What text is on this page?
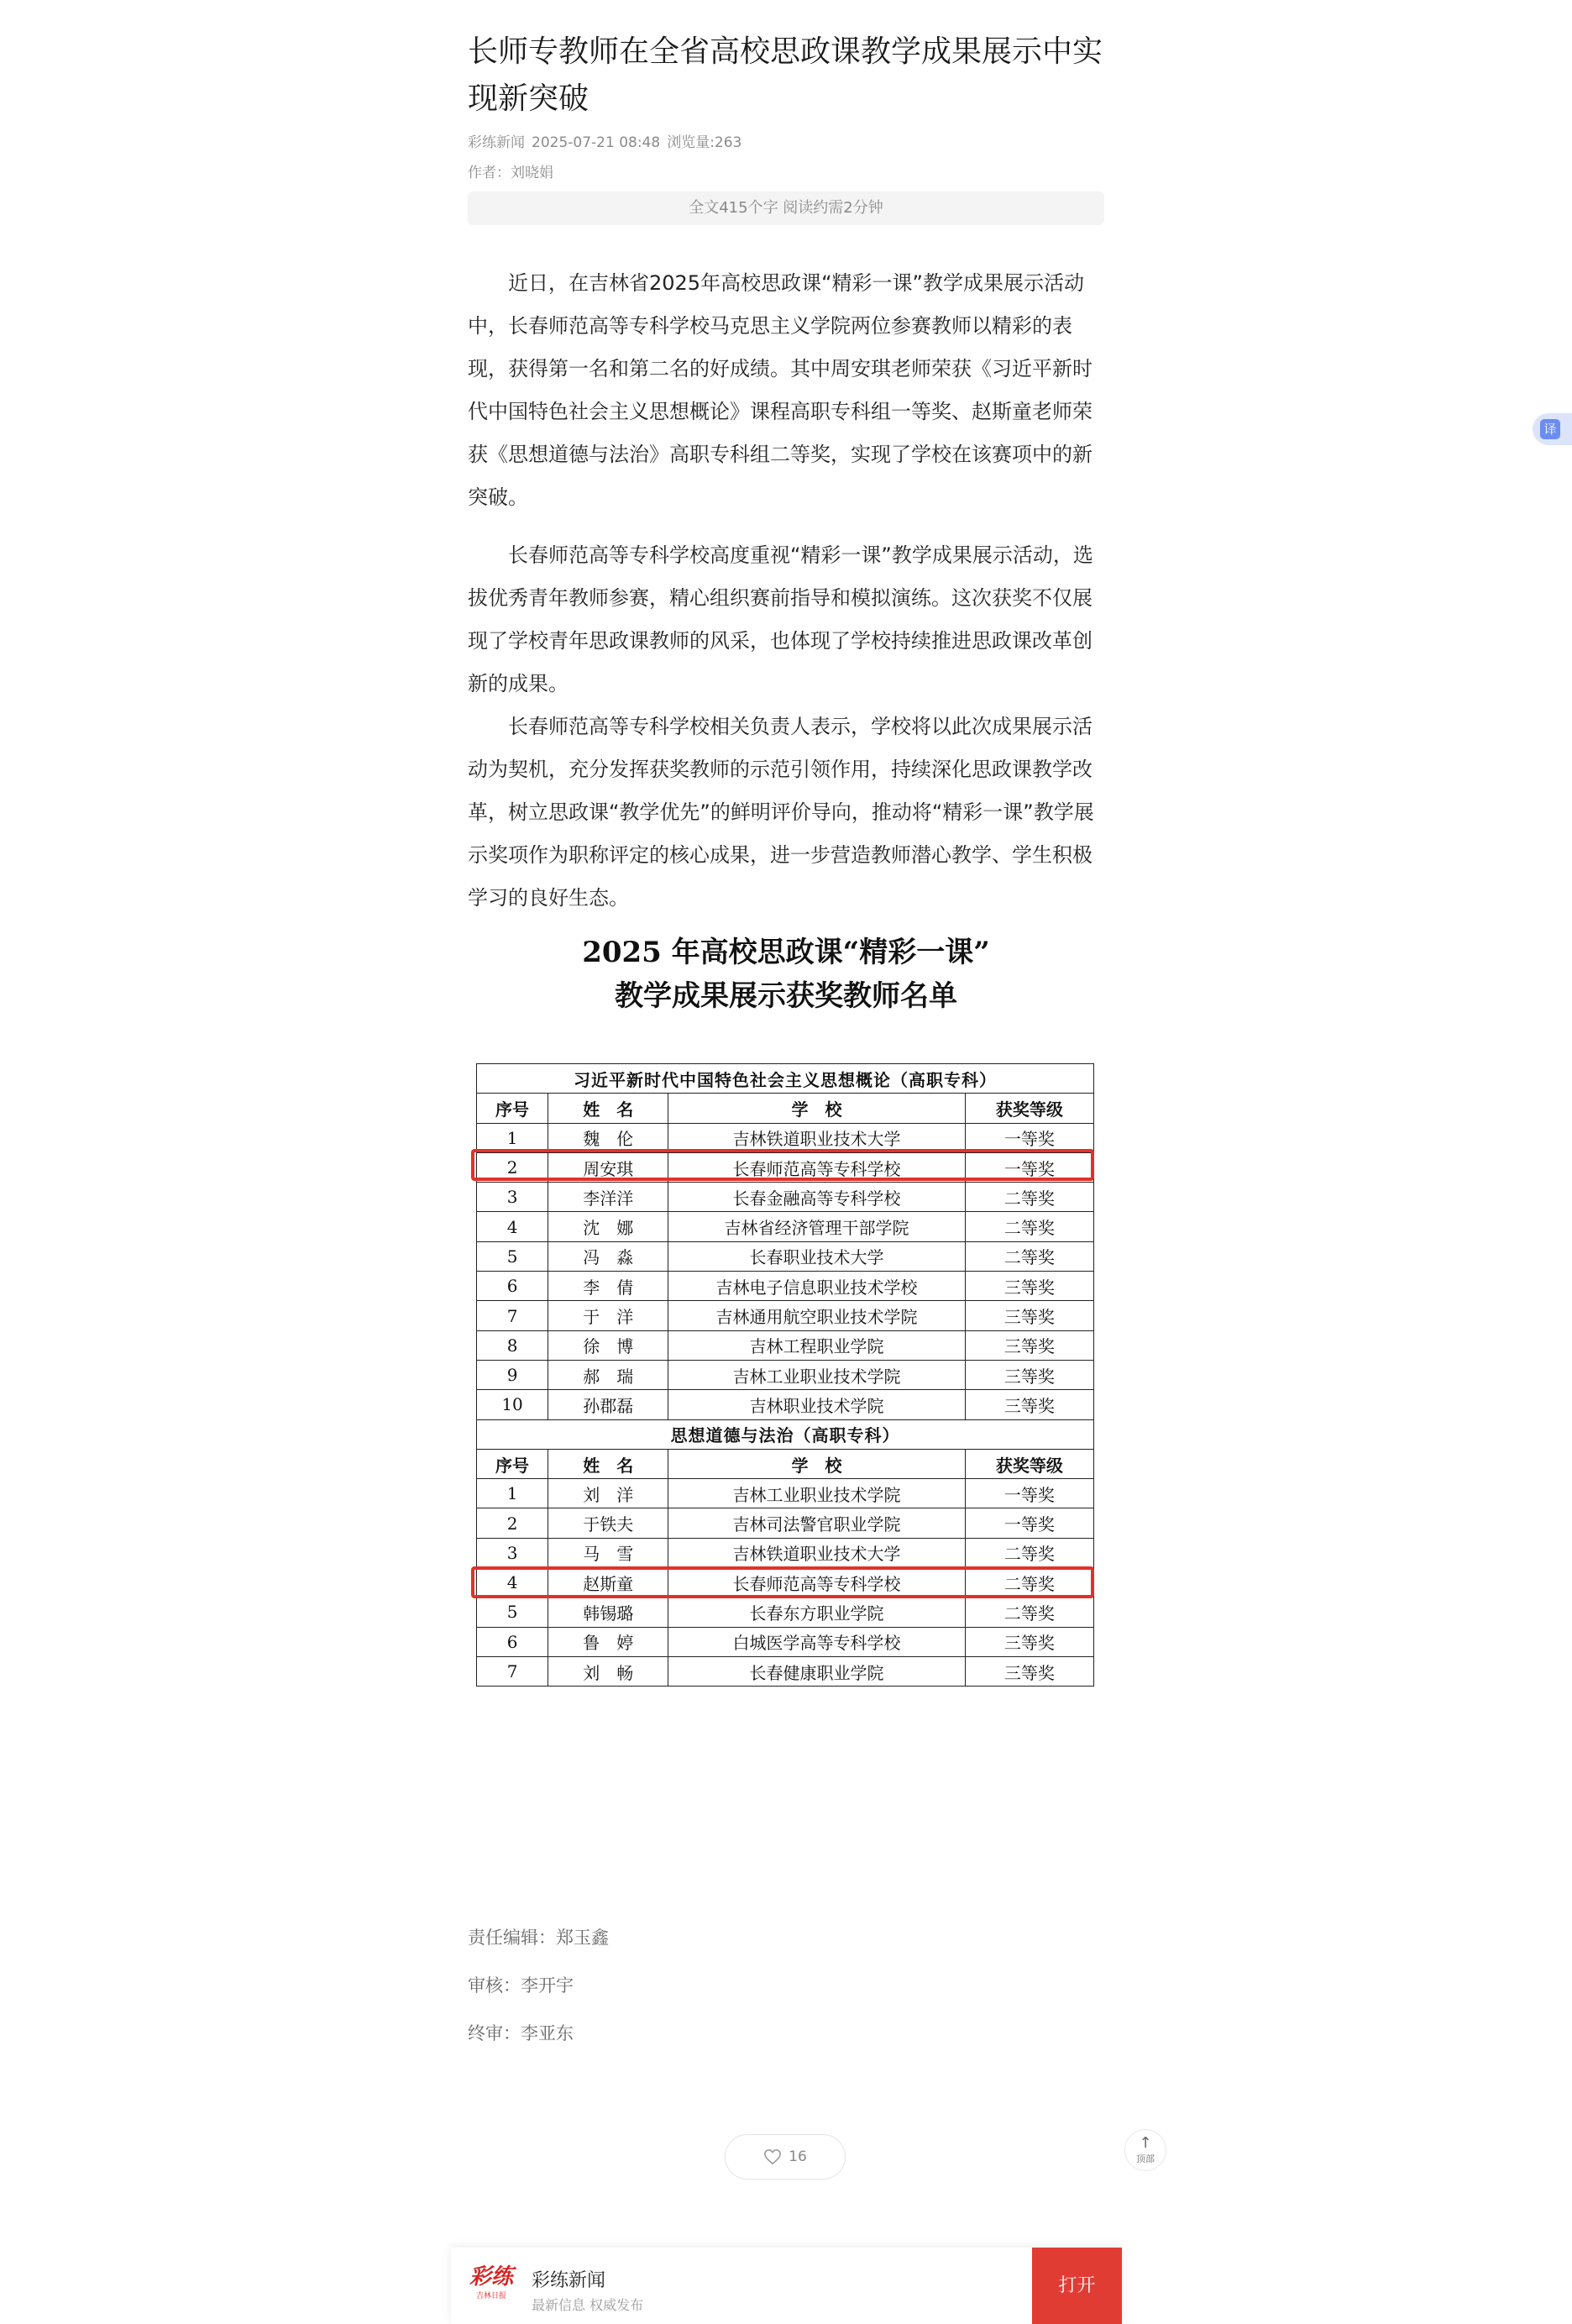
长师专教师在全省高校思政课教学成果展示中实现新突破
彩练新闻 2025-07-21 08:48 浏览量:263
作者：刘晓娟
全文415个字 阅读约需2分钟

近日，在吉林省2025年高校思政课“精彩一课”教学成果展示活动中，长春师范高等专科学校马克思主义学院两位参赛教师以精彩的表现，获得第一名和第二名的好成绩。其中周安琪老师荣获《习近平新时代中国特色社会主义思想概论》课程高职专科组一等奖、赵斯童老师荣获《思想道德与法治》高职专科组二等奖，实现了学校在该赛项中的新突破。

长春师范高等专科学校高度重视“精彩一课”教学成果展示活动，选拔优秀青年教师参赛，精心组织赛前指导和模拟演练。这次获奖不仅展现了学校青年思政课教师的风采，也体现了学校持续推进思政课改革创新的成果。

长春师范高等专科学校相关负责人表示，学校将以此次成果展示活动为契机，充分发挥获奖教师的示范引领作用，持续深化思政课教学改革，树立思政课“教学优先”的鲜明评价导向，推动将“精彩一课”教学展示奖项作为职称评定的核心成果，进一步营造教师潜心教学、学生积极学习的良好生态。

2025 年高校思政课“精彩一课”
教学成果展示获奖教师名单
习近平新时代中国特色社会主义思想概论（高职专科）			
序号	姓　名	学　校	获奖等级
1	魏　伦	吉林铁道职业技术大学	一等奖
2	周安琪	长春师范高等专科学校	一等奖
3	李洋洋	长春金融高等专科学校	二等奖
4	沈　娜	吉林省经济管理干部学院	二等奖
5	冯　淼	长春职业技术大学	二等奖
6	李　倩	吉林电子信息职业技术学校	三等奖
7	于　洋	吉林通用航空职业技术学院	三等奖
8	徐　博	吉林工程职业学院	三等奖
9	郝　瑞	吉林工业职业技术学院	三等奖
10	孙郡磊	吉林职业技术学院	三等奖
思想道德与法治（高职专科）			
序号	姓　名	学　校	获奖等级
1	刘　洋	吉林工业职业技术学院	一等奖
2	于铁夫	吉林司法警官职业学院	一等奖
3	马　雪	吉林铁道职业技术大学	二等奖
4	赵斯童	长春师范高等专科学校	二等奖
5	韩锡璐	长春东方职业学院	二等奖
6	鲁　婷	白城医学高等专科学校	三等奖
7	刘　畅	长春健康职业学院	三等奖
译
责任编辑：郑玉鑫
审核：李开宇
终审：李亚东
16
↑
顶部
彩练
吉林日报
彩练新闻
最新信息 权威发布
打开
